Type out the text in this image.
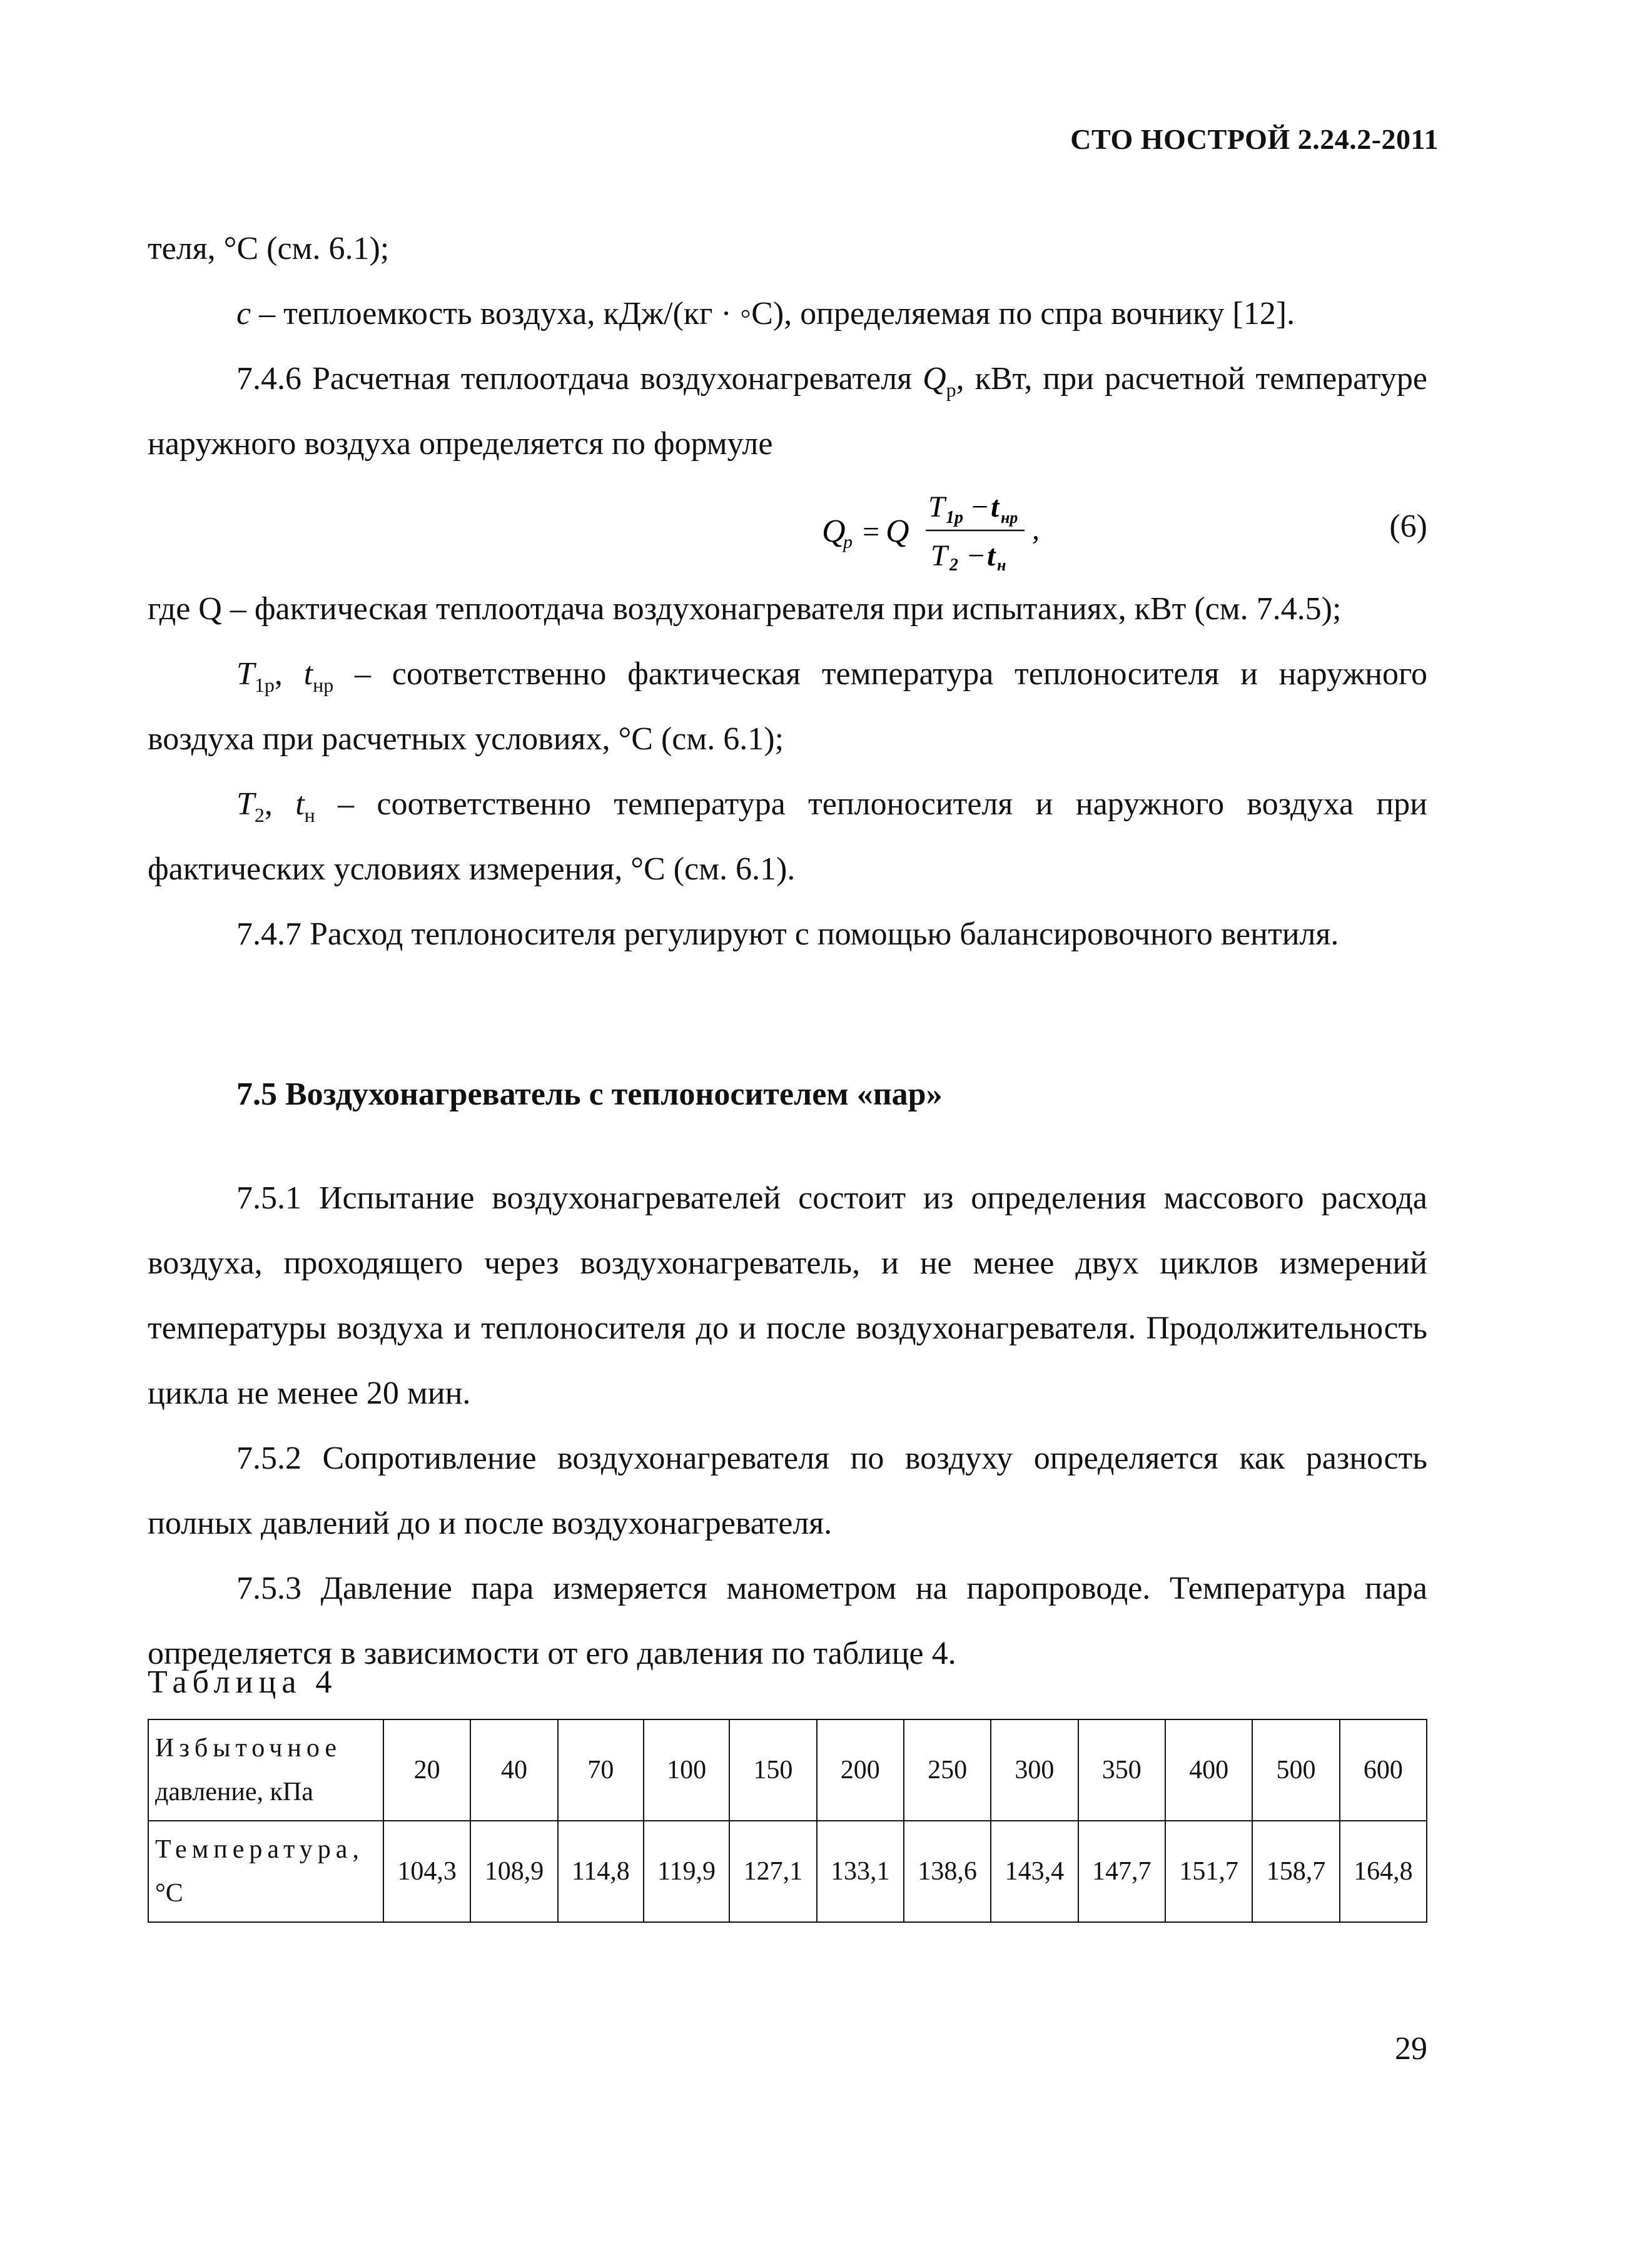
СТО НОСТРОЙ 2.24.2-2011

теля, °С (см. 6.1);

c – теплоемкость воздуха, кДж/(кг · ◦С), определяемая по спра вочнику [12].

7.4.6 Расчетная теплоотдача воздухонагревателя $Q_р$, кВт, при расчетной температуре наружного воздуха определяется по формуле

Q
р = Q
T 1р − t нр
T 2 − t н
,	(6)

где Q – фактическая теплоотдача воздухонагревателя при испытаниях, кВт (см. 7.4.5);

$T_{1р}$, $t_{нр}$ – соответственно фактическая температура теплоносителя и наружного воздуха при расчетных условиях, °С (см. 6.1);

$T_2$, $t_н$ – соответственно температура теплоносителя и наружного воздуха при фактических условиях измерения, °С (см. 6.1).

7.4.7 Расход теплоносителя регулируют с помощью балансировочного вентиля.

7.5 Воздухонагреватель с теплоносителем «пар»

7.5.1 Испытание воздухонагревателей состоит из определения массового расхода воздуха, проходящего через воздухонагреватель, и не менее двух циклов измерений температуры воздуха и теплоносителя до и после воздухонагревателя. Продолжительность цикла не менее 20 мин.

7.5.2 Сопротивление воздухонагревателя по воздуху определяется как разность полных давлений до и после воздухонагревателя.

7.5.3 Давление пара измеряется манометром на паропроводе. Температура пара определяется в зависимости от его давления по таблице 4.

Таблица 4
Избыточное
давление, кПа	20	40	70	100	150	200	250	300	350	400	500	600
Температура,
°С	104,3	108,9	114,8	119,9	127,1	133,1	138,6	143,4	147,7	151,7	158,7	164,8
29
